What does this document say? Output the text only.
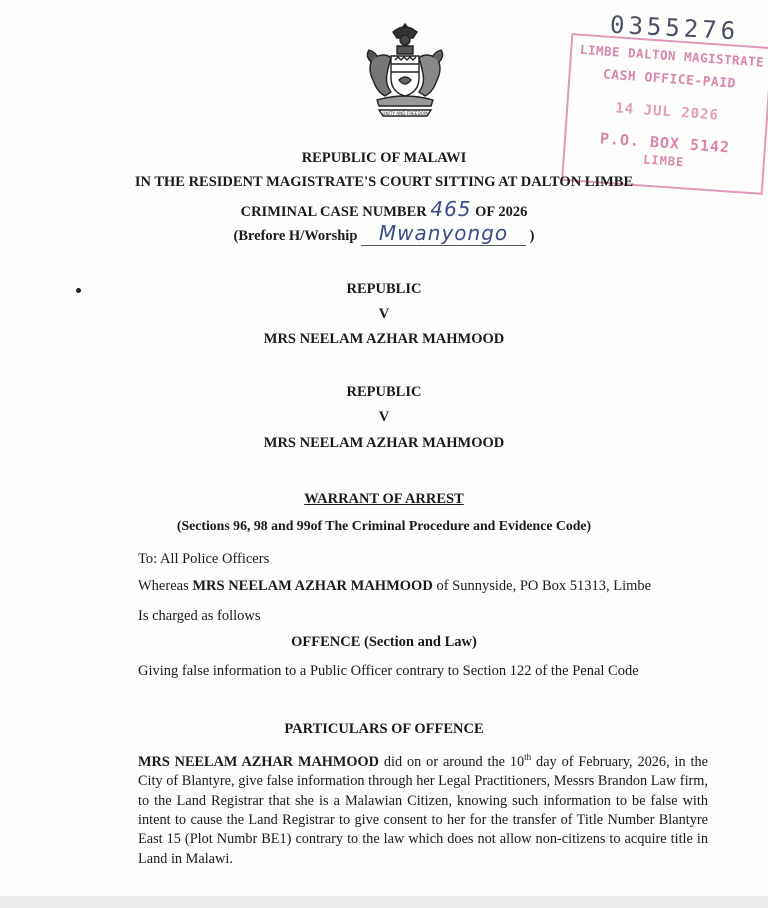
UNITY AND FREEDOM
0355276
LIMBE DALTON MAGISTRATE
CASH OFFICE-PAID
14 JUL 2026
P.O. BOX 5142
LIMBE
REPUBLIC OF MALAWI
IN THE RESIDENT MAGISTRATE'S COURT SITTING AT DALTON LIMBE
CRIMINAL CASE NUMBER 465 OF 2026
(Brefore H/Worship Mwanyongo )
REPUBLIC
V
MRS NEELAM AZHAR MAHMOOD
REPUBLIC
V
MRS NEELAM AZHAR MAHMOOD
WARRANT OF ARREST
(Sections 96, 98 and 99of The Criminal Procedure and Evidence Code)
To: All Police Officers
Whereas MRS NEELAM AZHAR MAHMOOD of Sunnyside, PO Box 51313, Limbe
Is charged as follows
OFFENCE (Section and Law)
Giving false information to a Public Officer contrary to Section 122 of the Penal Code
PARTICULARS OF OFFENCE
MRS NEELAM AZHAR MAHMOOD did on or around the 10th day of February, 2026, in the City of Blantyre, give false information through her Legal Practitioners, Messrs Brandon Law firm, to the Land Registrar that she is a Malawian Citizen, knowing such information to be false with intent to cause the Land Registrar to give consent to her for the transfer of Title Number Blantyre East 15 (Plot Numbr BE1) contrary to the law which does not allow non-citizens to acquire title in Land in Malawi.
